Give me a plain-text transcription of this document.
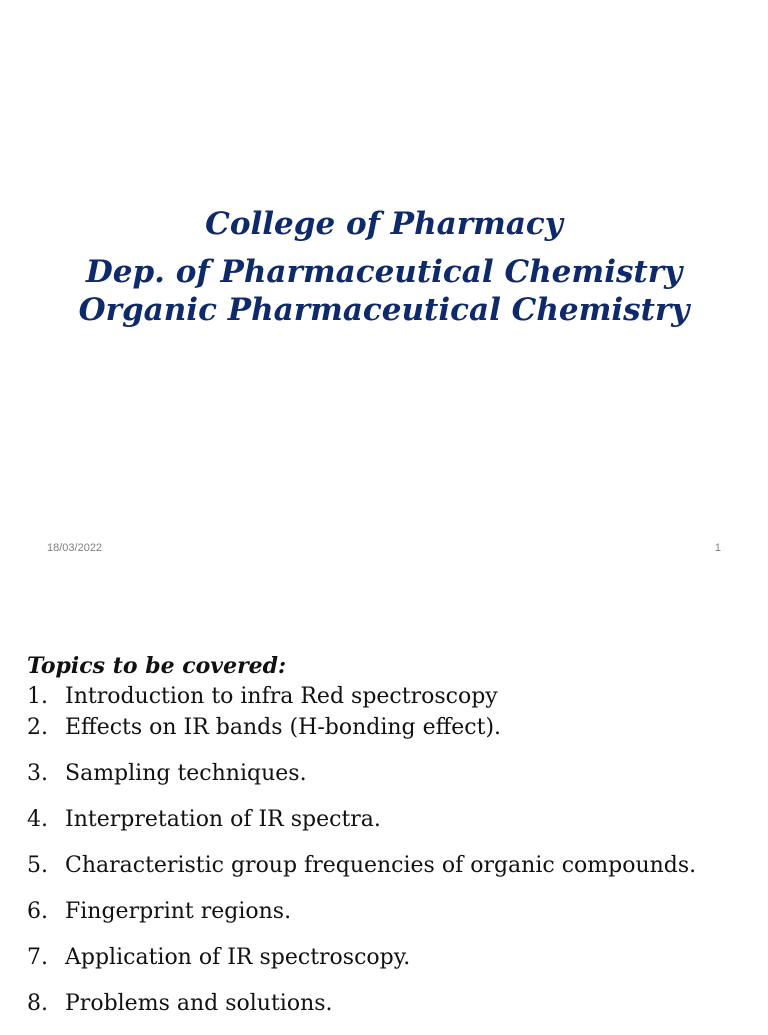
College of Pharmacy
Dep. of Pharmaceutical Chemistry
Organic Pharmaceutical Chemistry
18/03/2022	1
Topics to be covered:
1. Introduction to infra Red spectroscopy
2. Effects on IR bands (H-bonding effect).
3. Sampling techniques.
4. Interpretation of IR spectra.
5. Characteristic group frequencies of organic compounds.
6. Fingerprint regions.
7. Application of IR spectroscopy.
8. Problems and solutions.
